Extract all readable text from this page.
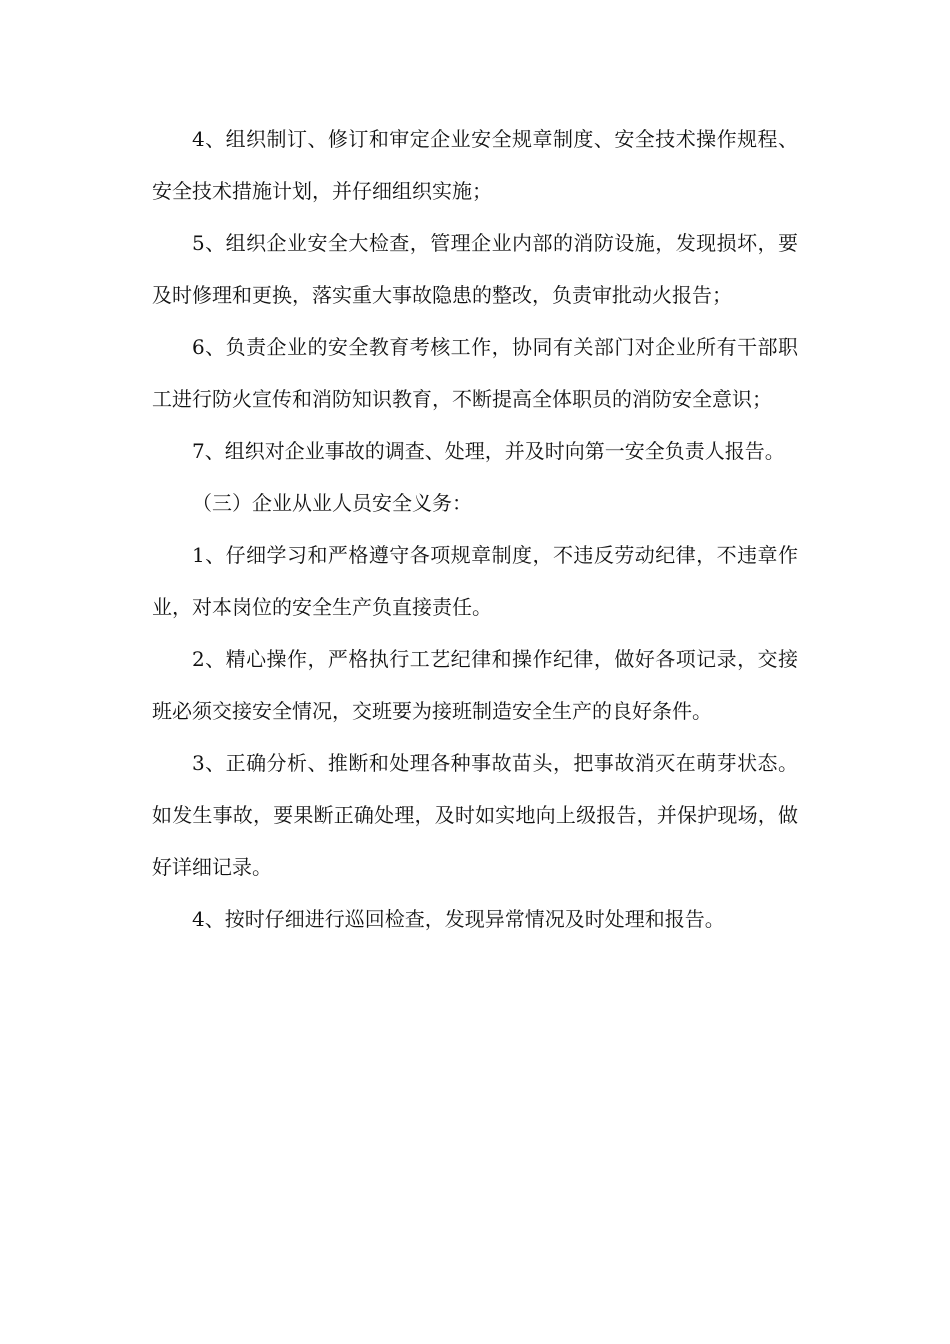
4、组织制订、修订和审定企业安全规章制度、安全技术操作规程、安全技术措施计划，并仔细组织实施；

5、组织企业安全大检查，管理企业内部的消防设施，发现损坏，要及时修理和更换，落实重大事故隐患的整改，负责审批动火报告；

6、负责企业的安全教育考核工作，协同有关部门对企业所有干部职工进行防火宣传和消防知识教育，不断提高全体职员的消防安全意识；

7、组织对企业事故的调查、处理，并及时向第一安全负责人报告。

（三）企业从业人员安全义务：

1、仔细学习和严格遵守各项规章制度，不违反劳动纪律，不违章作业，对本岗位的安全生产负直接责任。

2、精心操作，严格执行工艺纪律和操作纪律，做好各项记录，交接班必须交接安全情况，交班要为接班制造安全生产的良好条件。

3、正确分析、推断和处理各种事故苗头，把事故消灭在萌芽状态。如发生事故，要果断正确处理，及时如实地向上级报告，并保护现场，做好详细记录。

4、按时仔细进行巡回检查，发现异常情况及时处理和报告。
